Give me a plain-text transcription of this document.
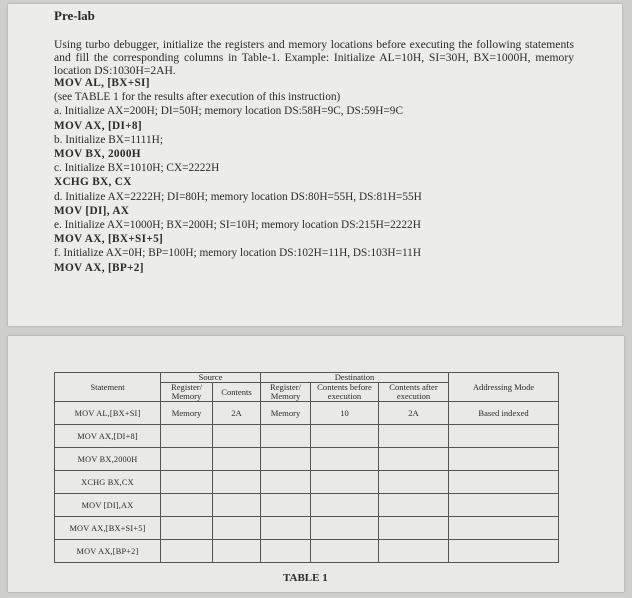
Pre-lab
Using turbo debugger, initialize the registers and memory locations before executing the following statements and fill the corresponding columns in Table-1. Example: Initialize AL=10H, SI=30H, BX=1000H, memory location DS:1030H=2AH.
MOV AL, [BX+SI]
(see TABLE 1 for the results after execution of this instruction)
a. Initialize AX=200H; DI=50H; memory location DS:58H=9C, DS:59H=9C
MOV AX, [DI+8]
b. Initialize BX=1111H;
MOV BX, 2000H
c. Initialize BX=1010H; CX=2222H
XCHG BX, CX
d. Initialize AX=2222H; DI=80H; memory location DS:80H=55H, DS:81H=55H
MOV [DI], AX
e. Initialize AX=1000H; BX=200H; SI=10H; memory location DS:215H=2222H
MOV AX, [BX+SI+5]
f. Initialize AX=0H; BP=100H; memory location DS:102H=11H, DS:103H=11H
MOV AX, [BP+2]
Statement	Source		Destination			Addressing Mode
	Register/ Memory	Contents	Register/ Memory	Contents before execution	Contents after execution	
MOV AL,[BX+SI]	Memory	2A	Memory	10	2A	Based indexed
MOV AX,[DI+8]						
MOV BX,2000H						
XCHG BX,CX						
MOV [DI],AX						
MOV AX,[BX+SI+5]						
MOV AX,[BP+2]						
TABLE 1
